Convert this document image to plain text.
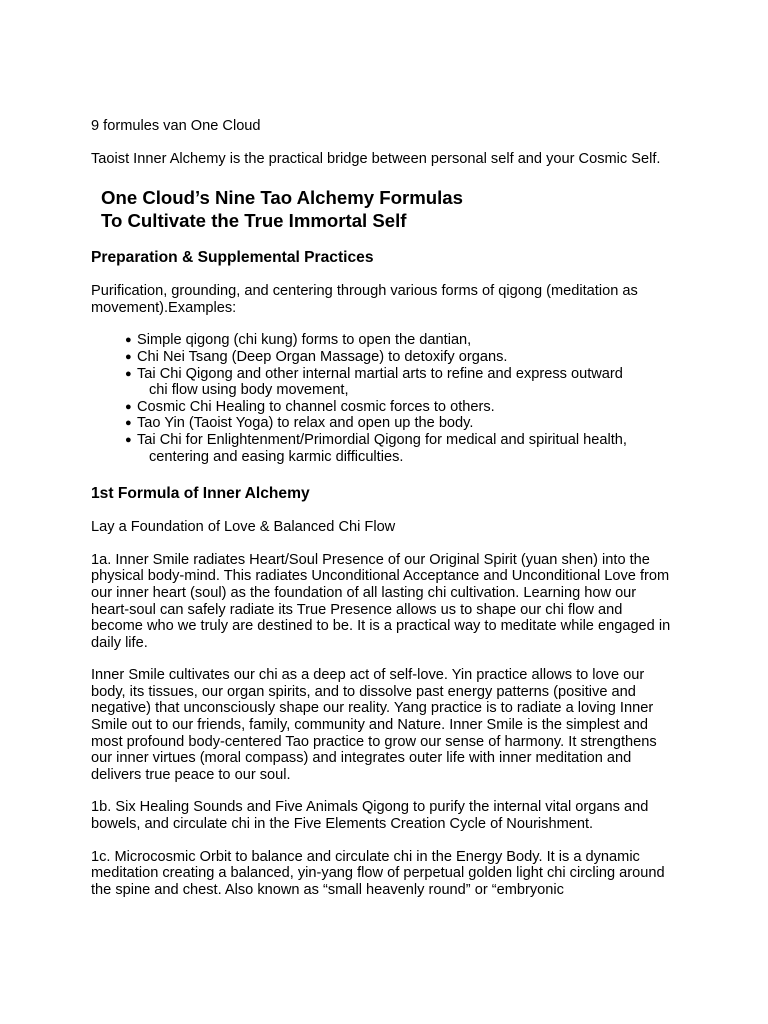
9 formules van One Cloud

Taoist Inner Alchemy is the practical bridge between personal self and your Cosmic Self.

One Cloud’s Nine Tao Alchemy Formulas
To Cultivate the True Immortal Self
Preparation & Supplemental Practices

Purification, grounding, and centering through various forms of qigong (meditation as movement).Examples:

● Simple qigong (chi kung) forms to open the dantian,
● Chi Nei Tsang (Deep Organ Massage) to detoxify organs.
● Tai Chi Qigong and other internal martial arts to refine and express outward
chi flow using body movement,
● Cosmic Chi Healing to channel cosmic forces to others.
● Tao Yin (Taoist Yoga) to relax and open up the body.
● Tai Chi for Enlightenment/Primordial Qigong for medical and spiritual health,
centering and easing karmic difficulties.
1st Formula of Inner Alchemy

Lay a Foundation of Love & Balanced Chi Flow

1a. Inner Smile radiates Heart/Soul Presence of our Original Spirit (yuan shen) into the physical body-mind. This radiates Unconditional Acceptance and Unconditional Love from our inner heart (soul) as the foundation of all lasting chi cultivation. Learning how our heart-soul can safely radiate its True Presence allows us to shape our chi flow and become who we truly are destined to be. It is a practical way to meditate while engaged in daily life.

Inner Smile cultivates our chi as a deep act of self-love. Yin practice allows to love our body, its tissues, our organ spirits, and to dissolve past energy patterns (positive and negative) that unconsciously shape our reality. Yang practice is to radiate a loving Inner Smile out to our friends, family, community and Nature. Inner Smile is the simplest and most profound body-centered Tao practice to grow our sense of harmony. It strengthens our inner virtues (moral compass) and integrates outer life with inner meditation and delivers true peace to our soul.

1b. Six Healing Sounds and Five Animals Qigong to purify the internal vital organs and bowels, and circulate chi in the Five Elements Creation Cycle of Nourishment.

1c. Microcosmic Orbit to balance and circulate chi in the Energy Body. It is a dynamic meditation creating a balanced, yin-yang flow of perpetual golden light chi circling around the spine and chest. Also known as “small heavenly round” or “embryonic
